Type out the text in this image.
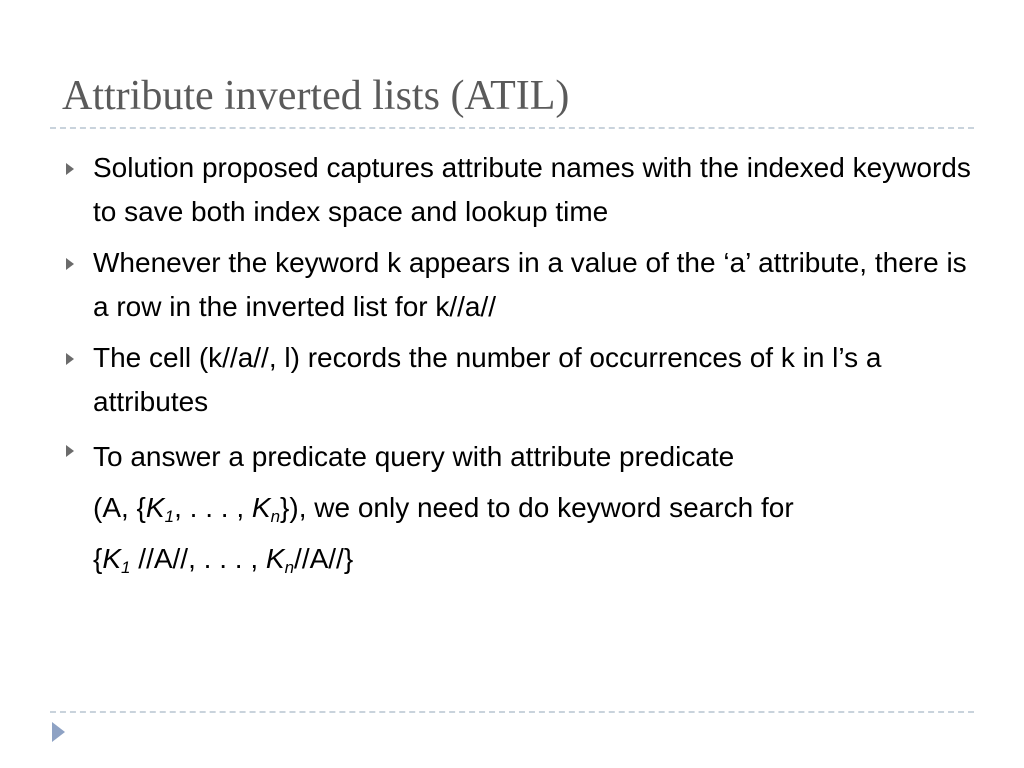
Attribute inverted lists (ATIL)
Solution proposed captures attribute names with the indexed keywords to save both index space and lookup time
Whenever the keyword k appears in a value of the ‘a’ attribute, there is a row in the inverted list for k//a//
The cell (k//a//, l) records the number of occurrences of k in l’s a attributes
To answer a predicate query with attribute predicate
(A, {$K_1$, . . . , $K_n$}), we only need to do keyword search for
{$K_1$ //A//, . . . , $K_n//A//$}
